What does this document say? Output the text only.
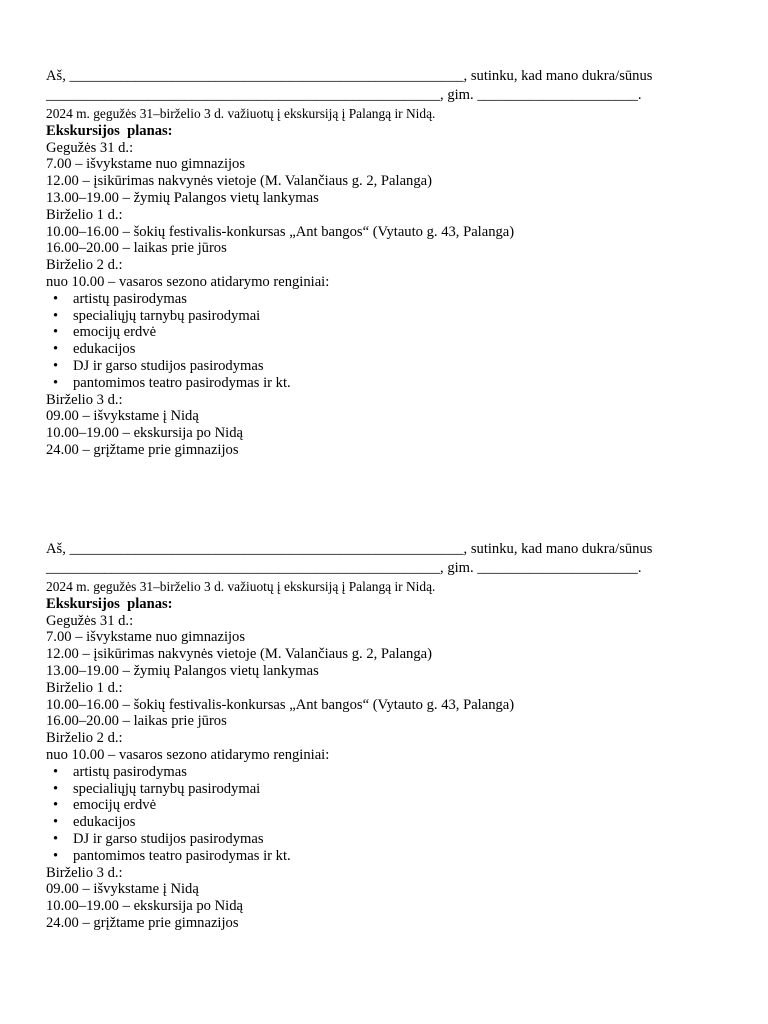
Aš, ______________________________________________________, sutinku, kad mano dukra/sūnus
______________________________________________________, gim. ______________________.
2024 m. gegužės 31–birželio 3 d. važiuotų į ekskursiją į Palangą ir Nidą.
Ekskursijos  planas:
Gegužės 31 d.:
7.00 – išvykstame nuo gimnazijos
12.00 – įsikūrimas nakvynės vietoje (M. Valančiaus g. 2, Palanga)
13.00–19.00 – žymių Palangos vietų lankymas
Birželio 1 d.:
10.00–16.00 – šokių festivalis-konkursas „Ant bangos“ (Vytauto g. 43, Palanga)
16.00–20.00 – laikas prie jūros
Birželio 2 d.:
nuo 10.00 – vasaros sezono atidarymo renginiai:
• artistų pasirodymas
• specialiųjų tarnybų pasirodymai
• emocijų erdvė
• edukacijos
• DJ ir garso studijos pasirodymas
• pantomimos teatro pasirodymas ir kt.
Birželio 3 d.:
09.00 – išvykstame į Nidą
10.00–19.00 – ekskursija po Nidą
24.00 – grįžtame prie gimnazijos
Aš, ______________________________________________________, sutinku, kad mano dukra/sūnus
______________________________________________________, gim. ______________________.
2024 m. gegužės 31–birželio 3 d. važiuotų į ekskursiją į Palangą ir Nidą.
Ekskursijos  planas:
Gegužės 31 d.:
7.00 – išvykstame nuo gimnazijos
12.00 – įsikūrimas nakvynės vietoje (M. Valančiaus g. 2, Palanga)
13.00–19.00 – žymių Palangos vietų lankymas
Birželio 1 d.:
10.00–16.00 – šokių festivalis-konkursas „Ant bangos“ (Vytauto g. 43, Palanga)
16.00–20.00 – laikas prie jūros
Birželio 2 d.:
nuo 10.00 – vasaros sezono atidarymo renginiai:
• artistų pasirodymas
• specialiųjų tarnybų pasirodymai
• emocijų erdvė
• edukacijos
• DJ ir garso studijos pasirodymas
• pantomimos teatro pasirodymas ir kt.
Birželio 3 d.:
09.00 – išvykstame į Nidą
10.00–19.00 – ekskursija po Nidą
24.00 – grįžtame prie gimnazijos
